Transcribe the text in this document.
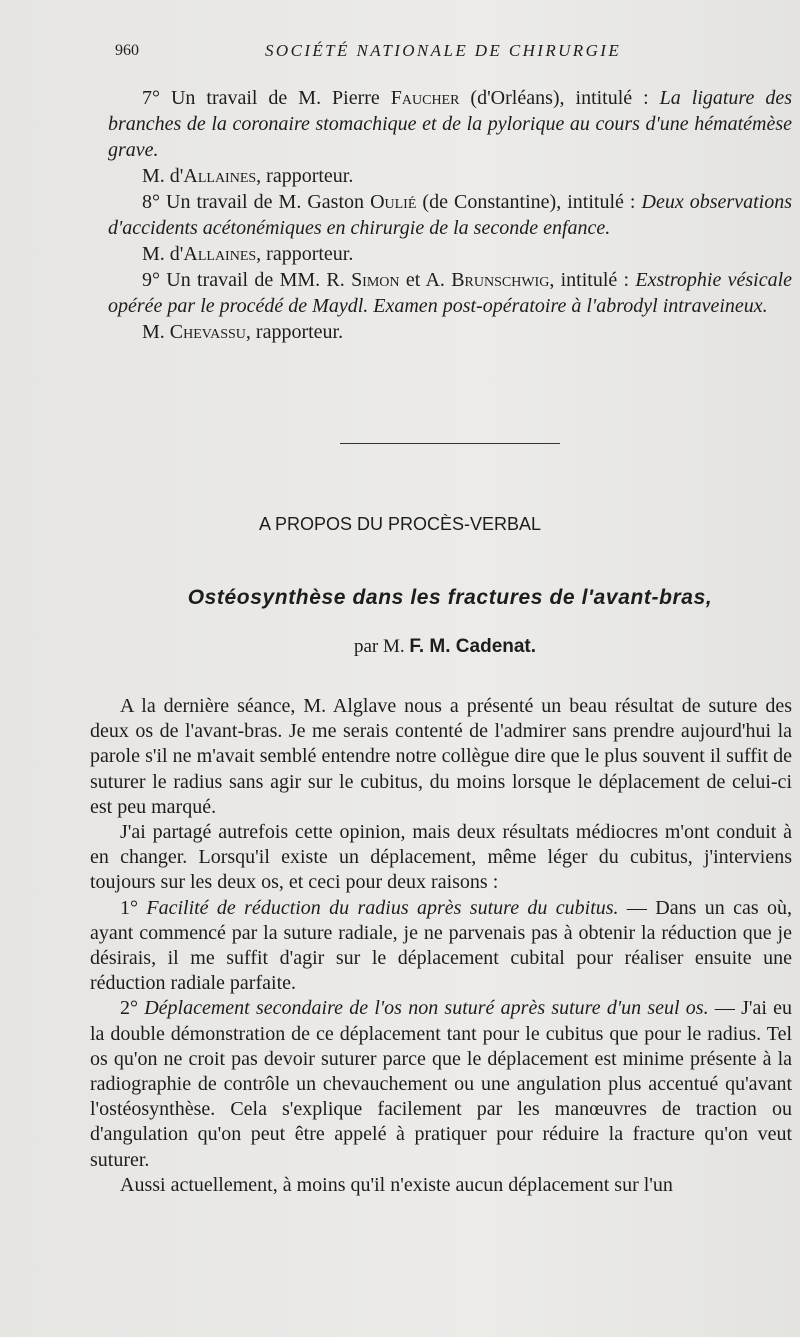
960	SOCIÉTÉ NATIONALE DE CHIRURGIE

7° Un travail de M. Pierre Faucher (d'Orléans), intitulé : La ligature des branches de la coronaire stomachique et de la pylorique au cours d'une hématémèse grave.

M. d'Allaines, rapporteur.

8° Un travail de M. Gaston Oulié (de Constantine), intitulé : Deux observations d'accidents acétonémiques en chirurgie de la seconde enfance.

M. d'Allaines, rapporteur.

9° Un travail de MM. R. Simon et A. Brunschwig, intitulé : Exstrophie vésicale opérée par le procédé de Maydl. Examen post-opératoire à l'abrodyl intraveineux.

M. Chevassu, rapporteur.

A PROPOS DU PROCÈS-VERBAL
Ostéosynthèse dans les fractures de l'avant-bras,
par M. F. M. Cadenat.

A la dernière séance, M. Alglave nous a présenté un beau résultat de suture des deux os de l'avant-bras. Je me serais contenté de l'admirer sans prendre aujourd'hui la parole s'il ne m'avait semblé entendre notre collègue dire que le plus souvent il suffit de suturer le radius sans agir sur le cubitus, du moins lorsque le déplacement de celui-ci est peu marqué.

J'ai partagé autrefois cette opinion, mais deux résultats médiocres m'ont conduit à en changer. Lorsqu'il existe un déplacement, même léger du cubitus, j'interviens toujours sur les deux os, et ceci pour deux raisons :

1° Facilité de réduction du radius après suture du cubitus. — Dans un cas où, ayant commencé par la suture radiale, je ne parvenais pas à obtenir la réduction que je désirais, il me suffit d'agir sur le déplacement cubital pour réaliser ensuite une réduction radiale parfaite.

2° Déplacement secondaire de l'os non suturé après suture d'un seul os. — J'ai eu la double démonstration de ce déplacement tant pour le cubitus que pour le radius. Tel os qu'on ne croit pas devoir suturer parce que le déplacement est minime présente à la radiographie de contrôle un chevauchement ou une angulation plus accentué qu'avant l'ostéosynthèse. Cela s'explique facilement par les manœuvres de traction ou d'angulation qu'on peut être appelé à pratiquer pour réduire la fracture qu'on veut suturer.

Aussi actuellement, à moins qu'il n'existe aucun déplacement sur l'un
